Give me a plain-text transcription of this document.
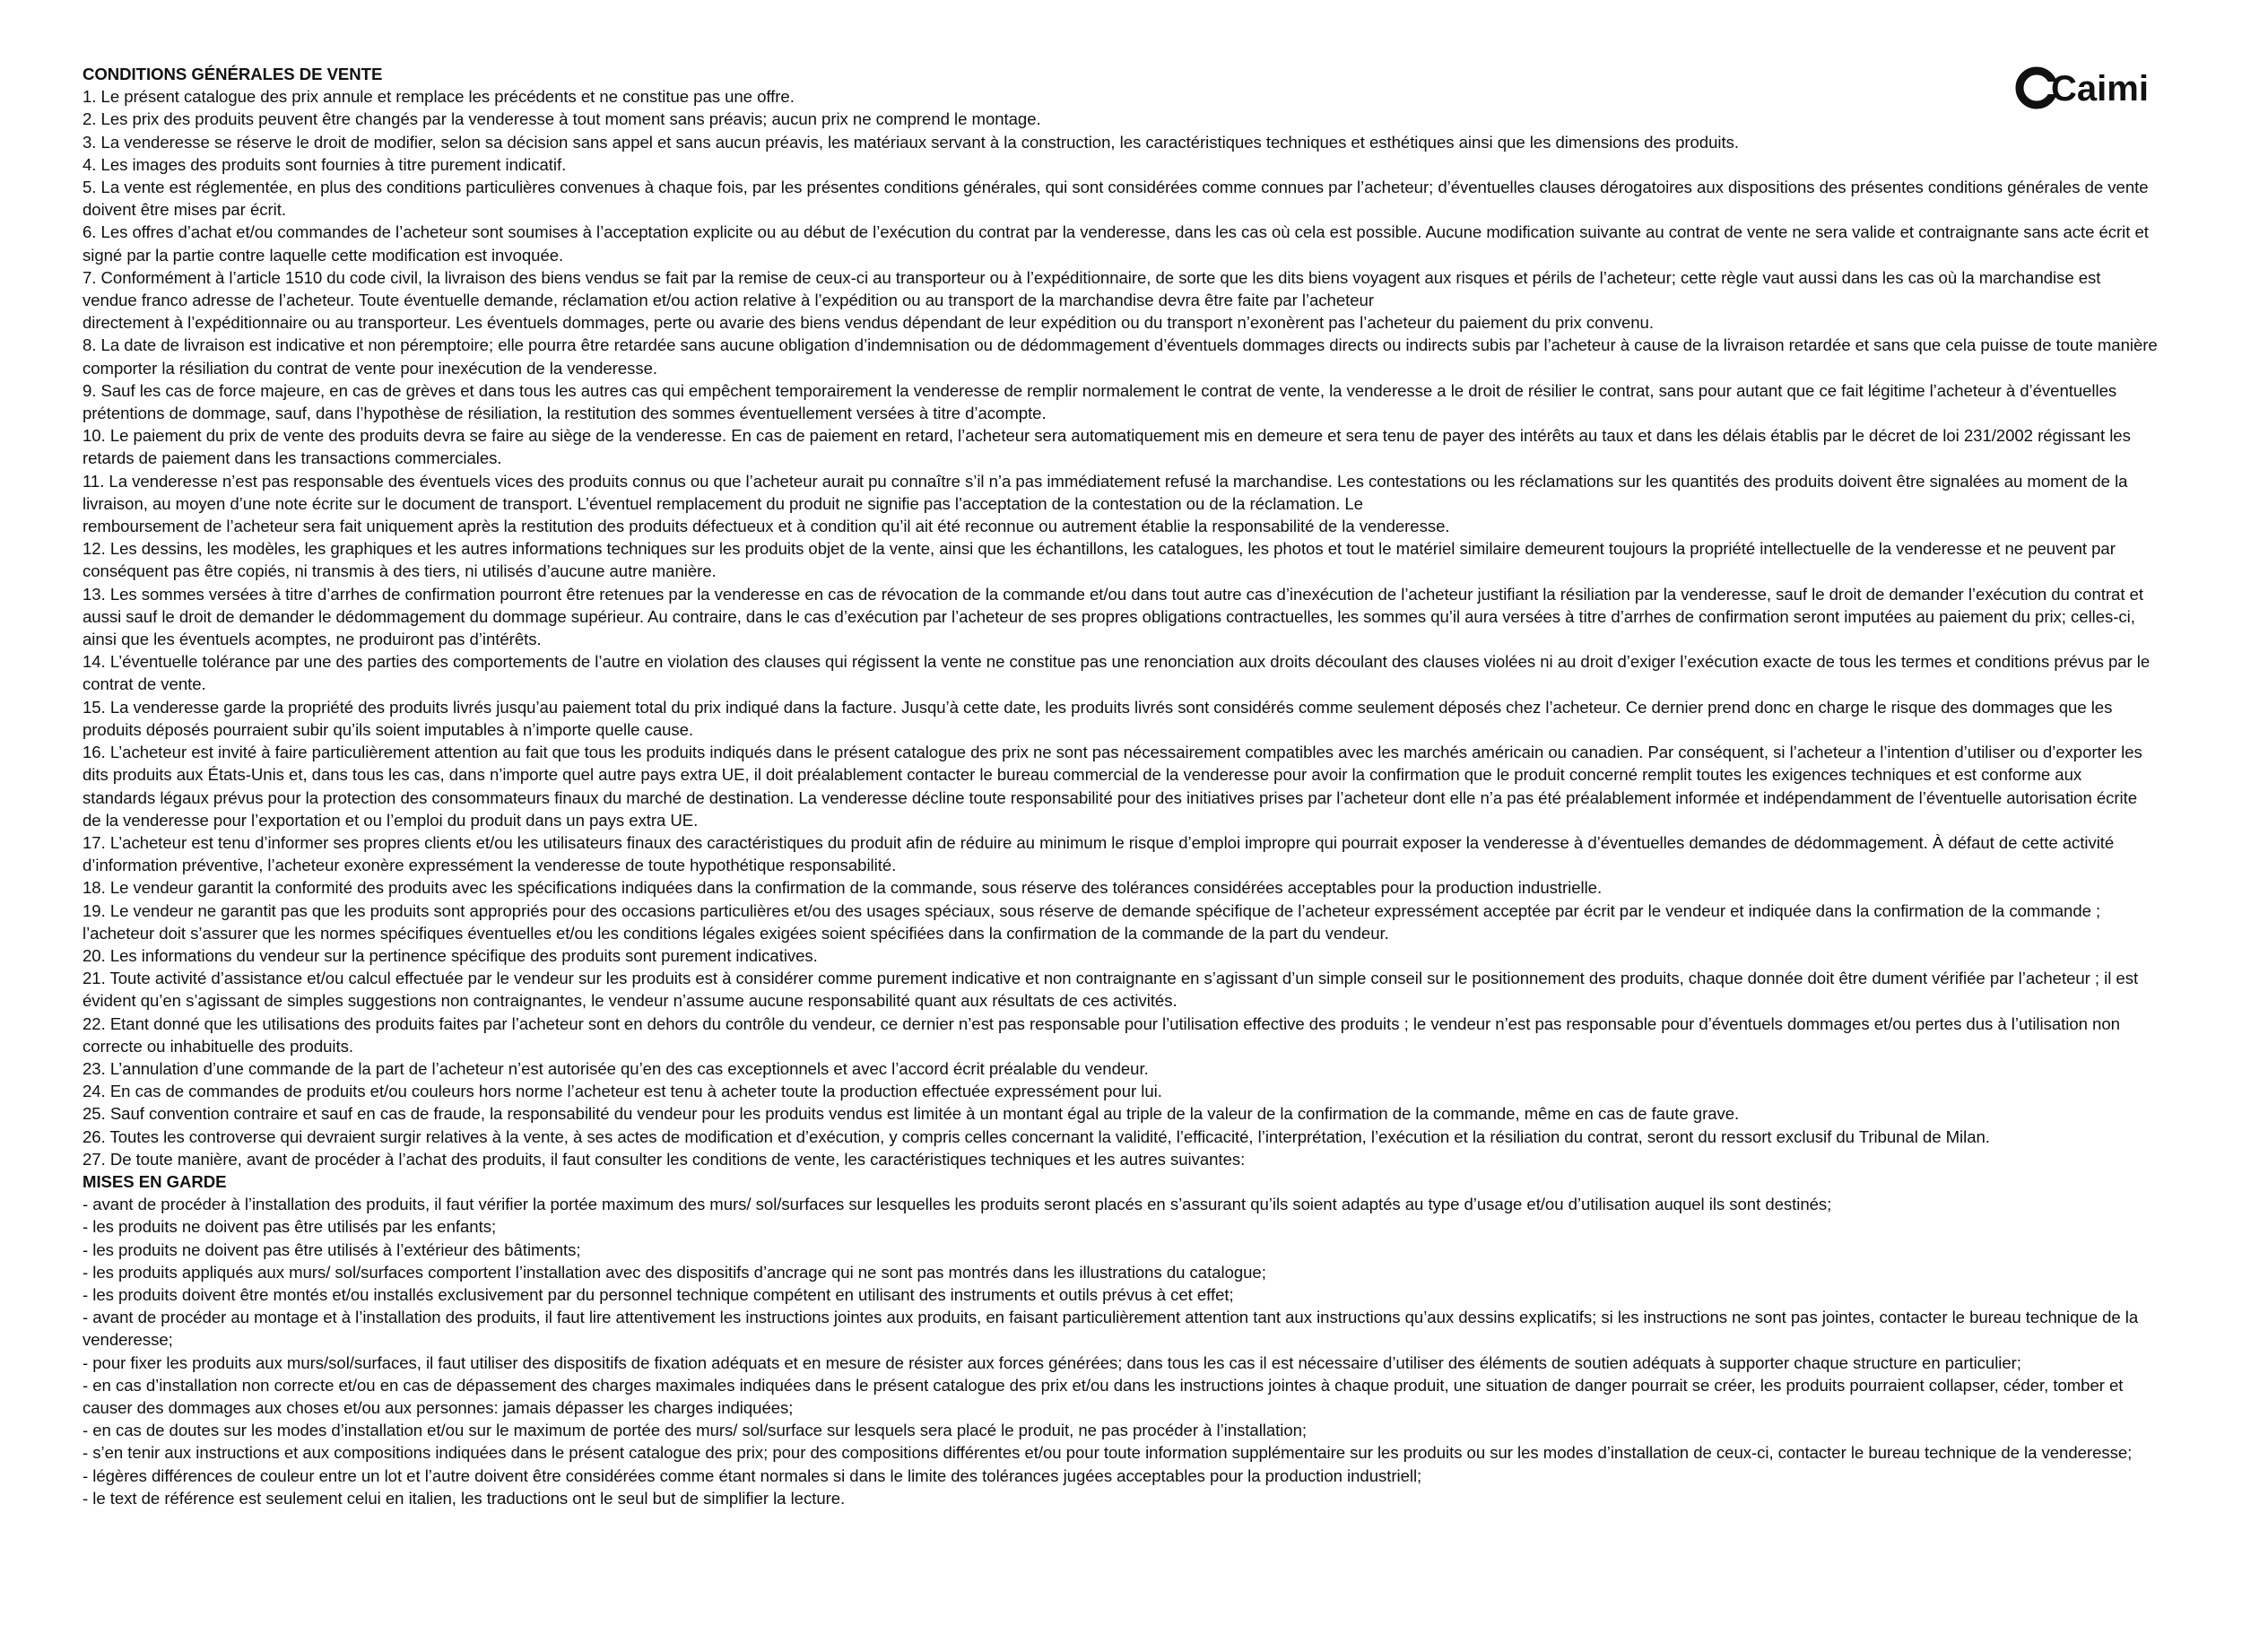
Caimi
CONDITIONS GÉNÉRALES DE VENTE

1. Le présent catalogue des prix annule et remplace les précédents et ne constitue pas une offre.

2. Les prix des produits peuvent être changés par la venderesse à tout moment sans préavis; aucun prix ne comprend le montage.

3. La venderesse se réserve le droit de modifier, selon sa décision sans appel et sans aucun préavis, les matériaux servant à la construction, les caractéristiques techniques et esthétiques ainsi que les dimensions des produits.

4. Les images des produits sont fournies à titre purement indicatif.

5. La vente est réglementée, en plus des conditions particulières convenues à chaque fois, par les présentes conditions générales, qui sont considérées comme connues par l’acheteur; d’éventuelles clauses dérogatoires aux dispositions des présentes conditions générales de vente doivent être mises par écrit.

6. Les offres d’achat et/ou commandes de l’acheteur sont soumises à l’acceptation explicite ou au début de l’exécution du contrat par la venderesse, dans les cas où cela est possible. Aucune modification suivante au contrat de vente ne sera valide et contraignante sans acte écrit et signé par la partie contre laquelle cette modification est invoquée.

7. Conformément à l’article 1510 du code civil, la livraison des biens vendus se fait par la remise de ceux-ci au transporteur ou à l’expéditionnaire, de sorte que les dits biens voyagent aux risques et périls de l’acheteur; cette règle vaut aussi dans les cas où la marchandise est vendue franco adresse de l’acheteur. Toute éventuelle demande, réclamation et/ou action relative à l’expédition ou au transport de la marchandise devra être faite par l’acheteur

directement à l’expéditionnaire ou au transporteur. Les éventuels dommages, perte ou avarie des biens vendus dépendant de leur expédition ou du transport n’exonèrent pas l’acheteur du paiement du prix convenu.

8. La date de livraison est indicative et non péremptoire; elle pourra être retardée sans aucune obligation d’indemnisation ou de dédommagement d’éventuels dommages directs ou indirects subis par l’acheteur à cause de la livraison retardée et sans que cela puisse de toute manière comporter la résiliation du contrat de vente pour inexécution de la venderesse.

9. Sauf les cas de force majeure, en cas de grèves et dans tous les autres cas qui empêchent temporairement la venderesse de remplir normalement le contrat de vente, la venderesse a le droit de résilier le contrat, sans pour autant que ce fait légitime l’acheteur à d’éventuelles prétentions de dommage, sauf, dans l’hypothèse de résiliation, la restitution des sommes éventuellement versées à titre d’acompte.

10. Le paiement du prix de vente des produits devra se faire au siège de la venderesse. En cas de paiement en retard, l’acheteur sera automatiquement mis en demeure et sera tenu de payer des intérêts au taux et dans les délais établis par le décret de loi 231/2002 régissant les retards de paiement dans les transactions commerciales.

11. La venderesse n’est pas responsable des éventuels vices des produits connus ou que l’acheteur aurait pu connaître s’il n’a pas immédiatement refusé la marchandise. Les contestations ou les réclamations sur les quantités des produits doivent être signalées au moment de la livraison, au moyen d’une note écrite sur le document de transport. L’éventuel remplacement du produit ne signifie pas l’acceptation de la contestation ou de la réclamation. Le

remboursement de l’acheteur sera fait uniquement après la restitution des produits défectueux et à condition qu’il ait été reconnue ou autrement établie la responsabilité de la venderesse.

12. Les dessins, les modèles, les graphiques et les autres informations techniques sur les produits objet de la vente, ainsi que les échantillons, les catalogues, les photos et tout le matériel similaire demeurent toujours la propriété intellectuelle de la venderesse et ne peuvent par conséquent pas être copiés, ni transmis à des tiers, ni utilisés d’aucune autre manière.

13. Les sommes versées à titre d’arrhes de confirmation pourront être retenues par la venderesse en cas de révocation de la commande et/ou dans tout autre cas d’inexécution de l’acheteur justifiant la résiliation par la venderesse, sauf le droit de demander l’exécution du contrat et aussi sauf le droit de demander le dédommagement du dommage supérieur. Au contraire, dans le cas d’exécution par l’acheteur de ses propres obligations contractuelles, les sommes qu’il aura versées à titre d’arrhes de confirmation seront imputées au paiement du prix; celles-ci, ainsi que les éventuels acomptes, ne produiront pas d’intérêts.

14. L’éventuelle tolérance par une des parties des comportements de l’autre en violation des clauses qui régissent la vente ne constitue pas une renonciation aux droits découlant des clauses violées ni au droit d’exiger l’exécution exacte de tous les termes et conditions prévus par le contrat de vente.

15. La venderesse garde la propriété des produits livrés jusqu’au paiement total du prix indiqué dans la facture. Jusqu’à cette date, les produits livrés sont considérés comme seulement déposés chez l’acheteur. Ce dernier prend donc en charge le risque des dommages que les produits déposés pourraient subir qu’ils soient imputables à n’importe quelle cause.

16. L’acheteur est invité à faire particulièrement attention au fait que tous les produits indiqués dans le présent catalogue des prix ne sont pas nécessairement compatibles avec les marchés américain ou canadien. Par conséquent, si l’acheteur a l’intention d’utiliser ou d’exporter les dits produits aux États-Unis et, dans tous les cas, dans n’importe quel autre pays extra UE, il doit préalablement contacter le bureau commercial de la venderesse pour avoir la confirmation que le produit concerné remplit toutes les exigences techniques et est conforme aux standards légaux prévus pour la protection des consommateurs finaux du marché de destination. La venderesse décline toute responsabilité pour des initiatives prises par l’acheteur dont elle n’a pas été préalablement informée et indépendamment de l’éventuelle autorisation écrite de la venderesse pour l’exportation et ou l’emploi du produit dans un pays extra UE.

17. L’acheteur est tenu d’informer ses propres clients et/ou les utilisateurs finaux des caractéristiques du produit afin de réduire au minimum le risque d’emploi impropre qui pourrait exposer la venderesse à d’éventuelles demandes de dédommagement. À défaut de cette activité d’information préventive, l’acheteur exonère expressément la venderesse de toute hypothétique responsabilité.

18. Le vendeur garantit la conformité des produits avec les spécifications indiquées dans la confirmation de la commande, sous réserve des tolérances considérées acceptables pour la production industrielle.

19. Le vendeur ne garantit pas que les produits sont appropriés pour des occasions particulières et/ou des usages spéciaux, sous réserve de demande spécifique de l’acheteur expressément acceptée par écrit par le vendeur et indiquée dans la confirmation de la commande ; l’acheteur doit s’assurer que les normes spécifiques éventuelles et/ou les conditions légales exigées soient spécifiées dans la confirmation de la commande de la part du vendeur.

20. Les informations du vendeur sur la pertinence spécifique des produits sont purement indicatives.

21. Toute activité d’assistance et/ou calcul effectuée par le vendeur sur les produits est à considérer comme purement indicative et non contraignante en s’agissant d’un simple conseil sur le positionnement des produits, chaque donnée doit être dument vérifiée par l’acheteur ; il est évident qu’en s’agissant de simples suggestions non contraignantes, le vendeur n’assume aucune responsabilité quant aux résultats de ces activités.

22. Etant donné que les utilisations des produits faites par l’acheteur sont en dehors du contrôle du vendeur, ce dernier n’est pas responsable pour l’utilisation effective des produits ; le vendeur n’est pas responsable pour d’éventuels dommages et/ou pertes dus à l’utilisation non correcte ou inhabituelle des produits.

23. L’annulation d’une commande de la part de l’acheteur n’est autorisée qu’en des cas exceptionnels et avec l’accord écrit préalable du vendeur.

24. En cas de commandes de produits et/ou couleurs hors norme l’acheteur est tenu à acheter toute la production effectuée expressément pour lui.

25. Sauf convention contraire et sauf en cas de fraude, la responsabilité du vendeur pour les produits vendus est limitée à un montant égal au triple de la valeur de la confirmation de la commande, même en cas de faute grave.

26. Toutes les controverse qui devraient surgir relatives à la vente, à ses actes de modification et d’exécution, y compris celles concernant la validité, l’efficacité, l’interprétation, l’exécution et la résiliation du contrat, seront du ressort exclusif du Tribunal de Milan.

27. De toute manière, avant de procéder à l’achat des produits, il faut consulter les conditions de vente, les caractéristiques techniques et les autres suivantes:

MISES EN GARDE

- avant de procéder à l’installation des produits, il faut vérifier la portée maximum des murs/ sol/surfaces sur lesquelles les produits seront placés en s’assurant qu’ils soient adaptés au type d’usage et/ou d’utilisation auquel ils sont destinés;

- les produits ne doivent pas être utilisés par les enfants;

- les produits ne doivent pas être utilisés à l’extérieur des bâtiments;

- les produits appliqués aux murs/ sol/surfaces comportent l’installation avec des dispositifs d’ancrage qui ne sont pas montrés dans les illustrations du catalogue;

- les produits doivent être montés et/ou installés exclusivement par du personnel technique compétent en utilisant des instruments et outils prévus à cet effet;

- avant de procéder au montage et à l’installation des produits, il faut lire attentivement les instructions jointes aux produits, en faisant particulièrement attention tant aux instructions qu’aux dessins explicatifs; si les instructions ne sont pas jointes, contacter le bureau technique de la venderesse;

- pour fixer les produits aux murs/sol/surfaces, il faut utiliser des dispositifs de fixation adéquats et en mesure de résister aux forces générées; dans tous les cas il est nécessaire d’utiliser des éléments de soutien adéquats à supporter chaque structure en particulier;

- en cas d’installation non correcte et/ou en cas de dépassement des charges maximales indiquées dans le présent catalogue des prix et/ou dans les instructions jointes à chaque produit, une situation de danger pourrait se créer, les produits pourraient collapser, céder, tomber et causer des dommages aux choses et/ou aux personnes: jamais dépasser les charges indiquées;

- en cas de doutes sur les modes d’installation et/ou sur le maximum de portée des murs/ sol/surface sur lesquels sera placé le produit, ne pas procéder à l’installation;

- s’en tenir aux instructions et aux compositions indiquées dans le présent catalogue des prix; pour des compositions différentes et/ou pour toute information supplémentaire sur les produits ou sur les modes d’installation de ceux-ci, contacter le bureau technique de la venderesse;

- légères différences de couleur entre un lot et l’autre doivent être considérées comme étant normales si dans le limite des tolérances jugées acceptables pour la production industriell;

- le text de référence est seulement celui en italien, les traductions ont le seul but de simplifier la lecture.
